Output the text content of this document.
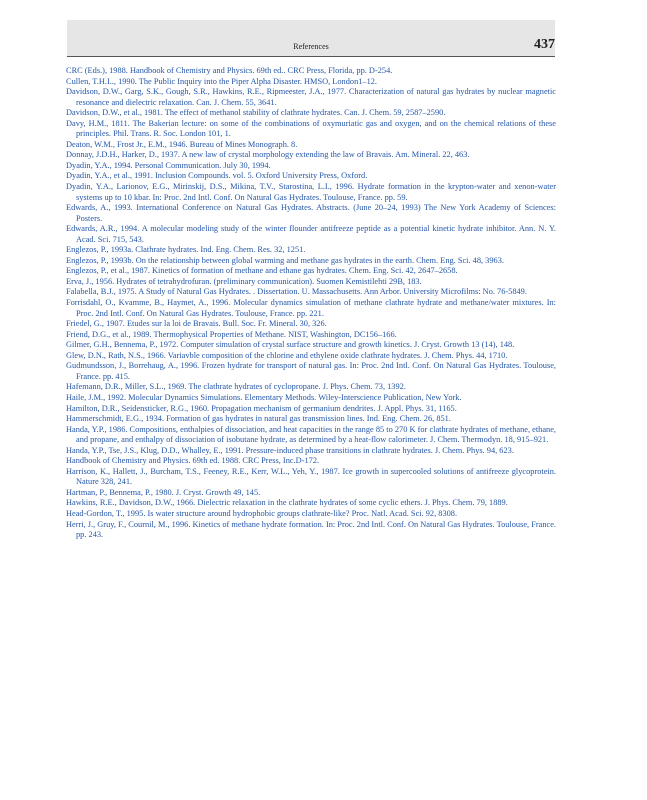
References	437
CRC (Eds.), 1988. Handbook of Chemistry and Physics. 69th ed.. CRC Press, Florida, pp. D-254.
Cullen, T.H.I.., 1990. The Public Inquiry into the Piper Alpha Disaster. HMSO, London1–12.
Davidson, D.W., Garg, S.K., Gough, S.R., Hawkins, R.E., Ripmeester, J.A., 1977. Characterization of natural gas hydrates by nuclear magnetic resonance and dielectric relaxation. Can. J. Chem. 55, 3641.
Davidson, D.W., et al., 1981. The effect of methanol stability of clathrate hydrates. Can. J. Chem. 59, 2587–2590.
Davy, H.M., 1811. The Bakerian lecture: on some of the combinations of oxymuriatic gas and oxygen, and on the chemical relations of these principles. Phil. Trans. R. Soc. London 101, 1.
Deaton, W.M., Frost Jr., E.M., 1946. Bureau of Mines Monograph. 8.
Donnay, J.D.H., Harker, D., 1937. A new law of crystal morphology extending the law of Bravais. Am. Mineral. 22, 463.
Dyadin, Y.A., 1994. Personal Communication. July 30, 1994.
Dyadin, Y.A., et al., 1991. Inclusion Compounds. vol. 5. Oxford University Press, Oxford.
Dyadin, Y.A., Larionov, E.G., Mirinskij, D.S., Mikina, T.V., Starostina, L.I., 1996. Hydrate formation in the krypton-water and xenon-water systems up to 10 kbar. In: Proc. 2nd Intl. Conf. On Natural Gas Hydrates. Toulouse, France. pp. 59.
Edwards, A., 1993. International Conference on Natural Gas Hydrates. Abstracts. (June 20–24, 1993) The New York Academy of Sciences: Posters.
Edwards, A.R., 1994. A molecular modeling study of the winter flounder antifreeze peptide as a potential kinetic hydrate inhibitor. Ann. N. Y. Acad. Sci. 715, 543.
Englezos, P., 1993a. Clathrate hydrates. Ind. Eng. Chem. Res. 32, 1251.
Englezos, P., 1993b. On the relationship between global warming and methane gas hydrates in the earth. Chem. Eng. Sci. 48, 3963.
Englezos, P., et al., 1987. Kinetics of formation of methane and ethane gas hydrates. Chem. Eng. Sci. 42, 2647–2658.
Erva, J., 1956. Hydrates of tetrahydrofuran. (preliminary communication). Suomen Kemistilehti 29B, 183.
Falabella, B.J., 1975. A Study of Natural Gas Hydrates. . Dissertation. U. Massachusetts. Ann Arbor. University Microfilms: No. 76-5849.
Forrisdahl, O., Kvamme, B., Haymet, A., 1996. Molecular dynamics simulation of methane clathrate hydrate and methane/water mixtures. In: Proc. 2nd Intl. Conf. On Natural Gas Hydrates. Toulouse, France. pp. 221.
Friedel, G., 1907. Etudes sur la loi de Bravais. Bull. Soc. Fr. Mineral. 30, 326.
Friend, D.G., et al., 1989. Thermophysical Properties of Methane. NIST, Washington, DC156–166.
Gilmer, G.H., Bennema, P., 1972. Computer simulation of crystal surface structure and growth kinetics. J. Cryst. Growth 13 (14), 148.
Glew, D.N., Rath, N.S., 1966. Variavble composition of the chlorine and ethylene oxide clathrate hydrates. J. Chem. Phys. 44, 1710.
Gudmundsson, J., Borrehaug, A., 1996. Frozen hydrate for transport of natural gas. In: Proc. 2nd Intl. Conf. On Natural Gas Hydrates. Toulouse, France. pp. 415.
Hafemann, D.R., Miller, S.L., 1969. The clathrate hydrates of cyclopropane. J. Phys. Chem. 73, 1392.
Haile, J.M., 1992. Molecular Dynamics Simulations. Elementary Methods. Wiley-Interscience Publication, New York.
Hamilton, D.R., Seidensticker, R.G., 1960. Propagation mechanism of germanium dendrites. J. Appl. Phys. 31, 1165.
Hammerschmidt, E.G., 1934. Formation of gas hydrates in natural gas transmission lines. Ind. Eng. Chem. 26, 851.
Handa, Y.P., 1986. Compositions, enthalpies of dissociation, and heat capacities in the range 85 to 270 K for clathrate hydrates of methane, ethane, and propane, and enthalpy of dissociation of isobutane hydrate, as determined by a heat-flow calorimeter. J. Chem. Thermodyn. 18, 915–921.
Handa, Y.P., Tse, J.S., Klug, D.D., Whalley, E., 1991. Pressure-induced phase transitions in clathrate hydrates. J. Chem. Phys. 94, 623.
Handbook of Chemistry and Physics. 69th ed. 1988. CRC Press, Inc.D-172.
Harrison, K., Hallett, J., Burcham, T.S., Feeney, R.E., Kerr, W.L., Yeh, Y., 1987. Ice growth in supercooled solutions of antifreeze glycoprotein. Nature 328, 241.
Hartman, P., Bennema, P., 1980. J. Cryst. Growth 49, 145.
Hawkins, R.E., Davidson, D.W., 1966. Dielectric relaxation in the clathrate hydrates of some cyclic ethers. J. Phys. Chem. 79, 1889.
Head-Gordon, T., 1995. Is water structure around hydrophobic groups clathrate-like? Proc. Natl. Acad. Sci. 92, 8308.
Herri, J., Gruy, F., Cournil, M., 1996. Kinetics of methane hydrate formation. In: Proc. 2nd Intl. Conf. On Natural Gas Hydrates. Toulouse, France. pp. 243.
